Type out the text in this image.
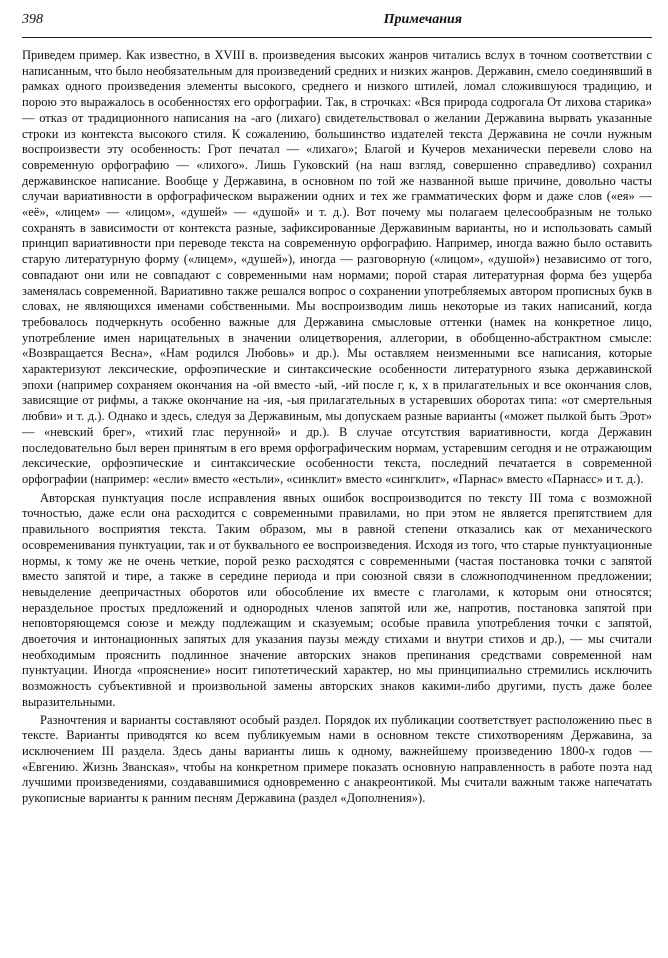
398	Примечания

Приведем пример. Как известно, в XVIII в. произведения высоких жанров читались вслух в точном соответствии с написанным, что было необязательным для произведений средних и низких жанров. Державин, смело соединявший в рамках одного произведения элементы высокого, среднего и низкого штилей, ломал сложившуюся традицию, и порою это выражалось в особенностях его орфографии. Так, в строчках: «Вся природа содрогала От лихова старика» — отказ от традиционного написания на -аго (лихаго) свидетельствовал о желании Державина вырвать указанные строки из контекста высокого стиля. К сожалению, большинство издателей текста Державина не сочли нужным воспроизвести эту особенность: Грот печатал — «лихаго»; Благой и Кучеров механически перевели слово на современную орфографию — «лихого». Лишь Гуковский (на наш взгляд, совершенно справедливо) сохранил державинское написание. Вообще у Державина, в основном по той же названной выше причине, довольно часты случаи вариативности в орфографическом выражении одних и тех же грамматических форм и даже слов («ея» — «её», «лицем» — «лицом», «душей» — «душой» и т. д.). Вот почему мы полагаем целесообразным не только сохранять в зависимости от контекста разные, зафиксированные Державиным варианты, но и использовать самый принцип вариативности при переводе текста на современную орфографию. Например, иногда важно было оставить старую литературную форму («лицем», «душей»), иногда — разговорную («лицом», «душой») независимо от того, совпадают они или не совпадают с современными нам нормами; порой старая литературная форма без ущерба заменялась современной. Вариативно также решался вопрос о сохранении употребляемых автором прописных букв в словах, не являющихся именами собственными. Мы воспроизводим лишь некоторые из таких написаний, когда требовалось подчеркнуть особенно важные для Державина смысловые оттенки (намек на конкретное лицо, употребление имен нарицательных в значении олицетворения, аллегории, в обобщенно-абстрактном смысле: «Возвращается Весна», «Нам родился Любовь» и др.). Мы оставляем неизменными все написания, которые характеризуют лексические, орфоэпические и синтаксические особенности литературного языка державинской эпохи (например сохраняем окончания на -ой вместо -ый, -ий после г, к, х в прилагательных и все окончания слов, зависящие от рифмы, а также окончание на -ия, -ыя прилагательных в устаревших оборотах типа: «от смертельныя любви» и т. д.). Однако и здесь, следуя за Державиным, мы допускаем разные варианты («может пылкой быть Эрот» — «невский брег», «тихий глас перунной» и др.). В случае отсутствия вариативности, когда Державин последовательно был верен принятым в его время орфографическим нормам, устаревшим сегодня и не отражающим лексические, орфоэпические и синтаксические особенности текста, последний печатается в современной орфографии (например: «если» вместо «естьли», «синклит» вместо «сингклит», «Парнас» вместо «Парнасс» и т. д.).

Авторская пунктуация после исправления явных ошибок воспроизводится по тексту III тома с возможной точностью, даже если она расходится с современными правилами, но при этом не является препятствием для правильного восприятия текста. Таким образом, мы в равной степени отказались как от механического осовременивания пунктуации, так и от буквального ее воспроизведения. Исходя из того, что старые пунктуационные нормы, к тому же не очень четкие, порой резко расходятся с современными (частая постановка точки с запятой вместо запятой и тире, а также в середине периода и при союзной связи в сложноподчиненном предложении; невыделение деепричастных оборотов или обособление их вместе с глаголами, к которым они относятся; нераздельное простых предложений и однородных членов запятой или же, напротив, постановка запятой при неповторяющемся союзе и между подлежащим и сказуемым; особые правила употребления точки с запятой, двоеточия и интонационных запятых для указания паузы между стихами и внутри стихов и др.), — мы считали необходимым прояснить подлинное значение авторских знаков препинания средствами современной нам пунктуации. Иногда «прояснение» носит гипотетический характер, но мы принципиально стремились исключить возможность субъективной и произвольной замены авторских знаков какими-либо другими, пусть даже более выразительными.

Разночтения и варианты составляют особый раздел. Порядок их публикации соответствует расположению пьес в тексте. Варианты приводятся ко всем публикуемым нами в основном тексте стихотворениям Державина, за исключением III раздела. Здесь даны варианты лишь к одному, важнейшему произведению 1800-х годов — «Евгению. Жизнь Званская», чтобы на конкретном примере показать основную направленность в работе поэта над лучшими произведениями, создававшимися одновременно с анакреонтикой. Мы считали важным также напечатать рукописные варианты к ранним песням Державина (раздел «Дополнения»).
